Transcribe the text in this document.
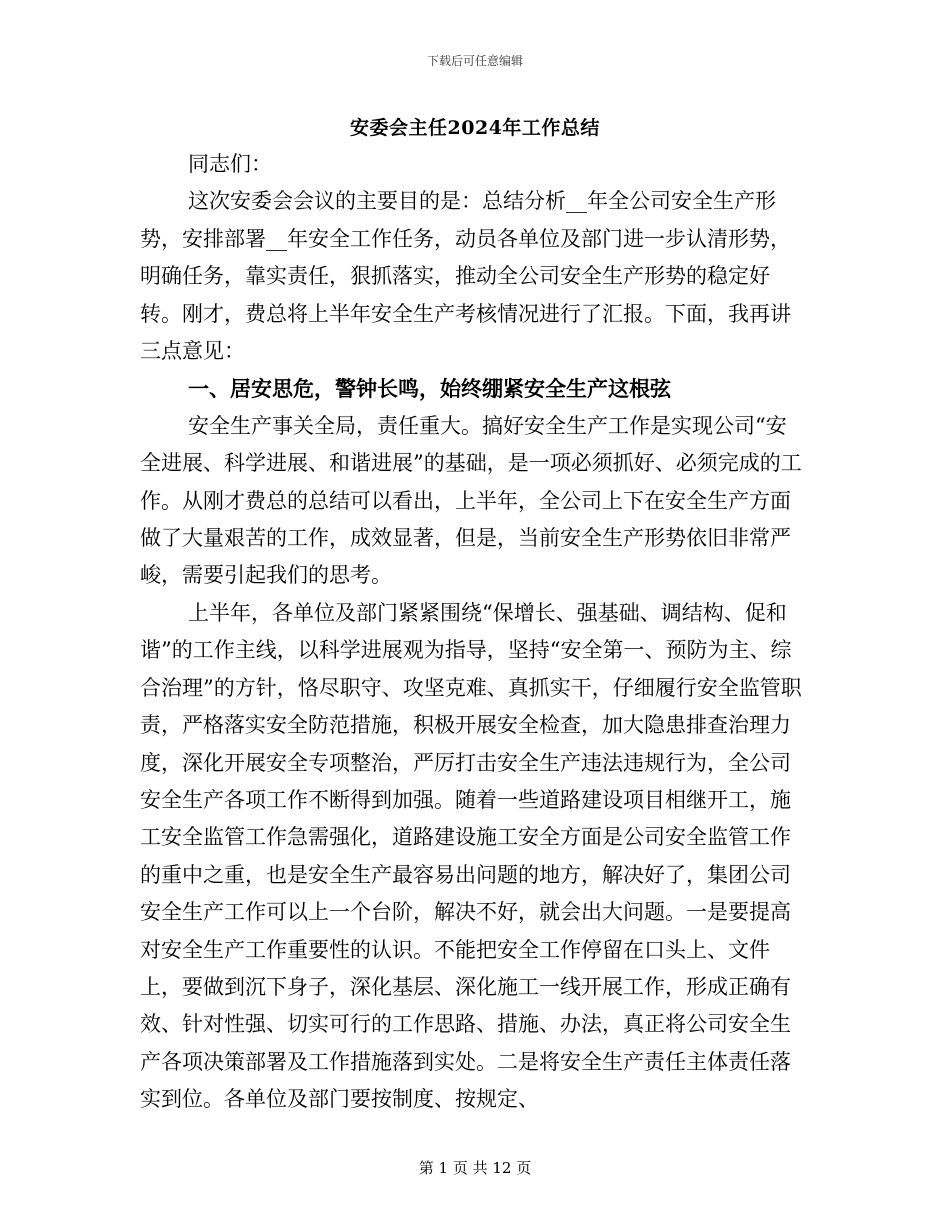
下载后可任意编辑
安委会主任2024年工作总结

同志们：

这次安委会会议的主要目的是：总结分析__年全公司安全生产形势，安排部署__年安全工作任务，动员各单位及部门进一步认清形势，明确任务，靠实责任，狠抓落实，推动全公司安全生产形势的稳定好转。刚才，费总将上半年安全生产考核情况进行了汇报。下面，我再讲三点意见：

一、居安思危，警钟长鸣，始终绷紧安全生产这根弦

安全生产事关全局，责任重大。搞好安全生产工作是实现公司“安全进展、科学进展、和谐进展”的基础，是一项必须抓好、必须完成的工作。从刚才费总的总结可以看出，上半年，全公司上下在安全生产方面做了大量艰苦的工作，成效显著，但是，当前安全生产形势依旧非常严峻，需要引起我们的思考。

上半年，各单位及部门紧紧围绕“保增长、强基础、调结构、促和谐”的工作主线，以科学进展观为指导，坚持“安全第一、预防为主、综合治理”的方针，恪尽职守、攻坚克难、真抓实干，仔细履行安全监管职责，严格落实安全防范措施，积极开展安全检查，加大隐患排查治理力度，深化开展安全专项整治，严厉打击安全生产违法违规行为，全公司安全生产各项工作不断得到加强。随着一些道路建设项目相继开工，施工安全监管工作急需强化，道路建设施工安全方面是公司安全监管工作的重中之重，也是安全生产最容易出问题的地方，解决好了，集团公司安全生产工作可以上一个台阶，解决不好，就会出大问题。一是要提高对安全生产工作重要性的认识。不能把安全工作停留在口头上、文件上，要做到沉下身子，深化基层、深化施工一线开展工作，形成正确有效、针对性强、切实可行的工作思路、措施、办法，真正将公司安全生产各项决策部署及工作措施落到实处。二是将安全生产责任主体责任落实到位。各单位及部门要按制度、按规定、

第 1 页 共 12 页
